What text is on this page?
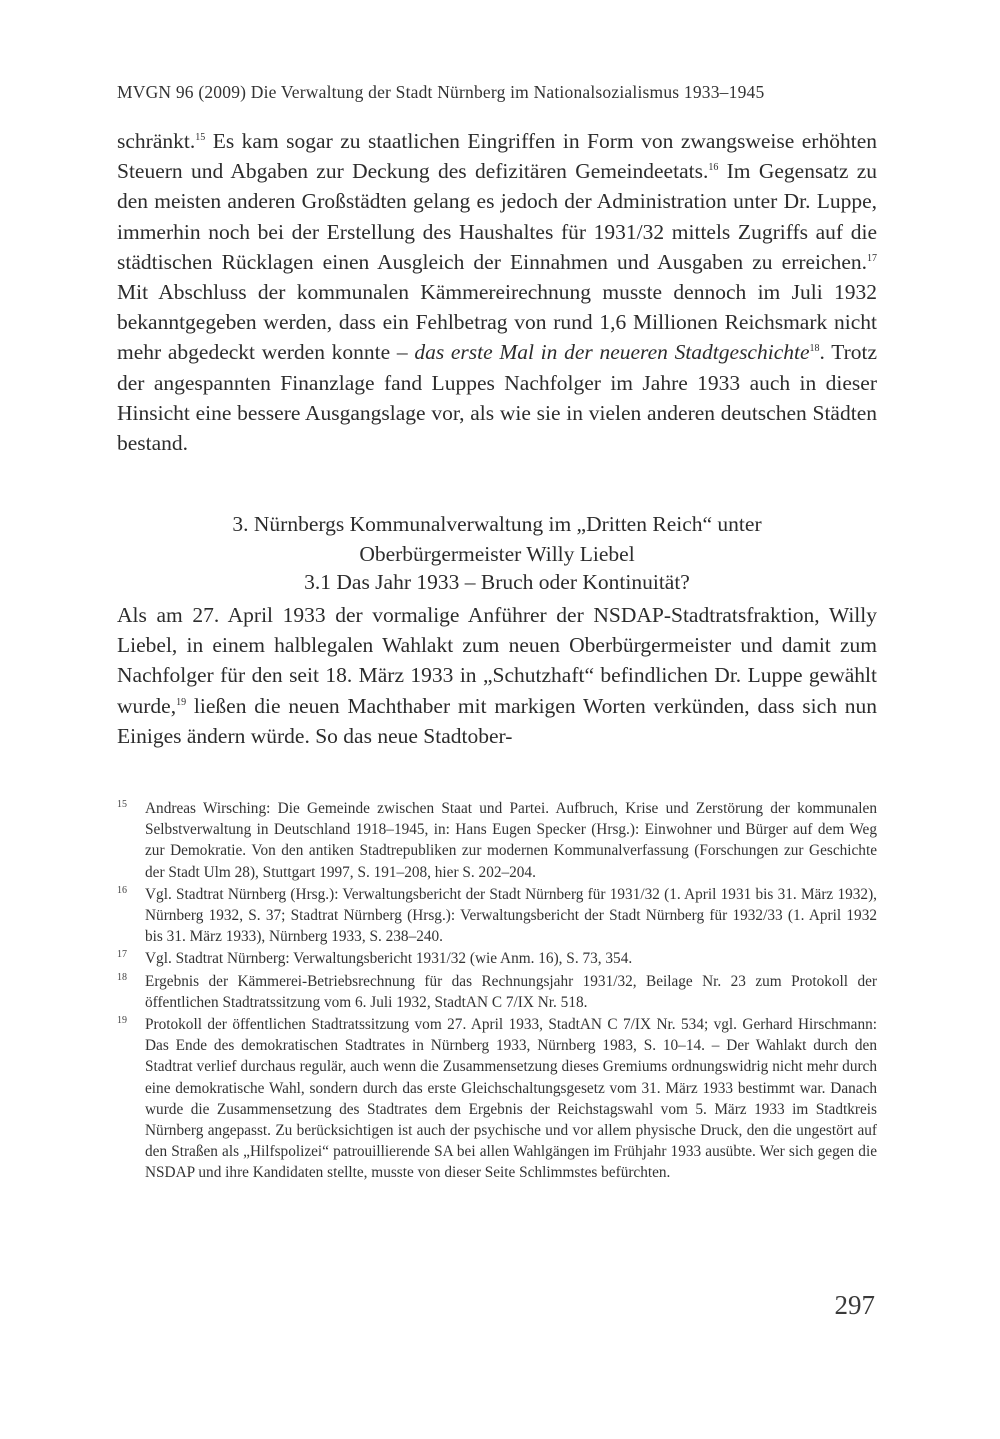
MVGN 96 (2009) Die Verwaltung der Stadt Nürnberg im Nationalsozialismus 1933–1945

schränkt.$^{15}$ Es kam sogar zu staatlichen Eingriffen in Form von zwangsweise erhöhten Steuern und Abgaben zur Deckung des defizitären Gemeindeetats.$^{16}$ Im Gegensatz zu den meisten anderen Großstädten gelang es jedoch der Administration unter Dr. Luppe, immerhin noch bei der Erstellung des Haushaltes für 1931/32 mittels Zugriffs auf die städtischen Rücklagen einen Ausgleich der Einnahmen und Ausgaben zu erreichen.$^{17}$ Mit Abschluss der kommunalen Kämmereirechnung musste dennoch im Juli 1932 bekanntgegeben werden, dass ein Fehlbetrag von rund 1,6 Millionen Reichsmark nicht mehr abgedeckt werden konnte – das erste Mal in der neueren Stadtgeschichte$^{18}$. Trotz der angespannten Finanzlage fand Luppes Nachfolger im Jahre 1933 auch in dieser Hinsicht eine bessere Ausgangslage vor, als wie sie in vielen anderen deutschen Städten bestand.

3. Nürnbergs Kommunalverwaltung im „Dritten Reich“ unter
Oberbürgermeister Willy Liebel
3.1 Das Jahr 1933 – Bruch oder Kontinuität?

Als am 27. April 1933 der vormalige Anführer der NSDAP-Stadtratsfraktion, Willy Liebel, in einem halblegalen Wahlakt zum neuen Oberbürgermeister und damit zum Nachfolger für den seit 18. März 1933 in „Schutzhaft“ befindlichen Dr. Luppe gewählt wurde,$^{19}$ ließen die neuen Machthaber mit markigen Worten verkünden, dass sich nun Einiges ändern würde. So das neue Stadtober-

15	Andreas Wirsching: Die Gemeinde zwischen Staat und Partei. Aufbruch, Krise und Zerstörung der kommunalen Selbstverwaltung in Deutschland 1918–1945, in: Hans Eugen Specker (Hrsg.): Einwohner und Bürger auf dem Weg zur Demokratie. Von den antiken Stadtrepubliken zur modernen Kommunalverfassung (Forschungen zur Geschichte der Stadt Ulm 28), Stuttgart 1997, S. 191–208, hier S. 202–204.
16	Vgl. Stadtrat Nürnberg (Hrsg.): Verwaltungsbericht der Stadt Nürnberg für 1931/32 (1. April 1931 bis 31. März 1932), Nürnberg 1932, S. 37; Stadtrat Nürnberg (Hrsg.): Verwaltungsbericht der Stadt Nürnberg für 1932/33 (1. April 1932 bis 31. März 1933), Nürnberg 1933, S. 238–240.
17	Vgl. Stadtrat Nürnberg: Verwaltungsbericht 1931/32 (wie Anm. 16), S. 73, 354.
18	Ergebnis der Kämmerei-Betriebsrechnung für das Rechnungsjahr 1931/32, Beilage Nr. 23 zum Protokoll der öffentlichen Stadtratssitzung vom 6. Juli 1932, StadtAN C 7/IX Nr. 518.
19	Protokoll der öffentlichen Stadtratssitzung vom 27. April 1933, StadtAN C 7/IX Nr. 534; vgl. Gerhard Hirschmann: Das Ende des demokratischen Stadtrates in Nürnberg 1933, Nürnberg 1983, S. 10–14. – Der Wahlakt durch den Stadtrat verlief durchaus regulär, auch wenn die Zusammensetzung dieses Gremiums ordnungswidrig nicht mehr durch eine demokratische Wahl, sondern durch das erste Gleichschaltungsgesetz vom 31. März 1933 bestimmt war. Danach wurde die Zusammensetzung des Stadtrates dem Ergebnis der Reichstagswahl vom 5. März 1933 im Stadtkreis Nürnberg angepasst. Zu berücksichtigen ist auch der psychische und vor allem physische Druck, den die ungestört auf den Straßen als „Hilfspolizei“ patrouillierende SA bei allen Wahlgängen im Frühjahr 1933 ausübte. Wer sich gegen die NSDAP und ihre Kandidaten stellte, musste von dieser Seite Schlimmstes befürchten.
297
